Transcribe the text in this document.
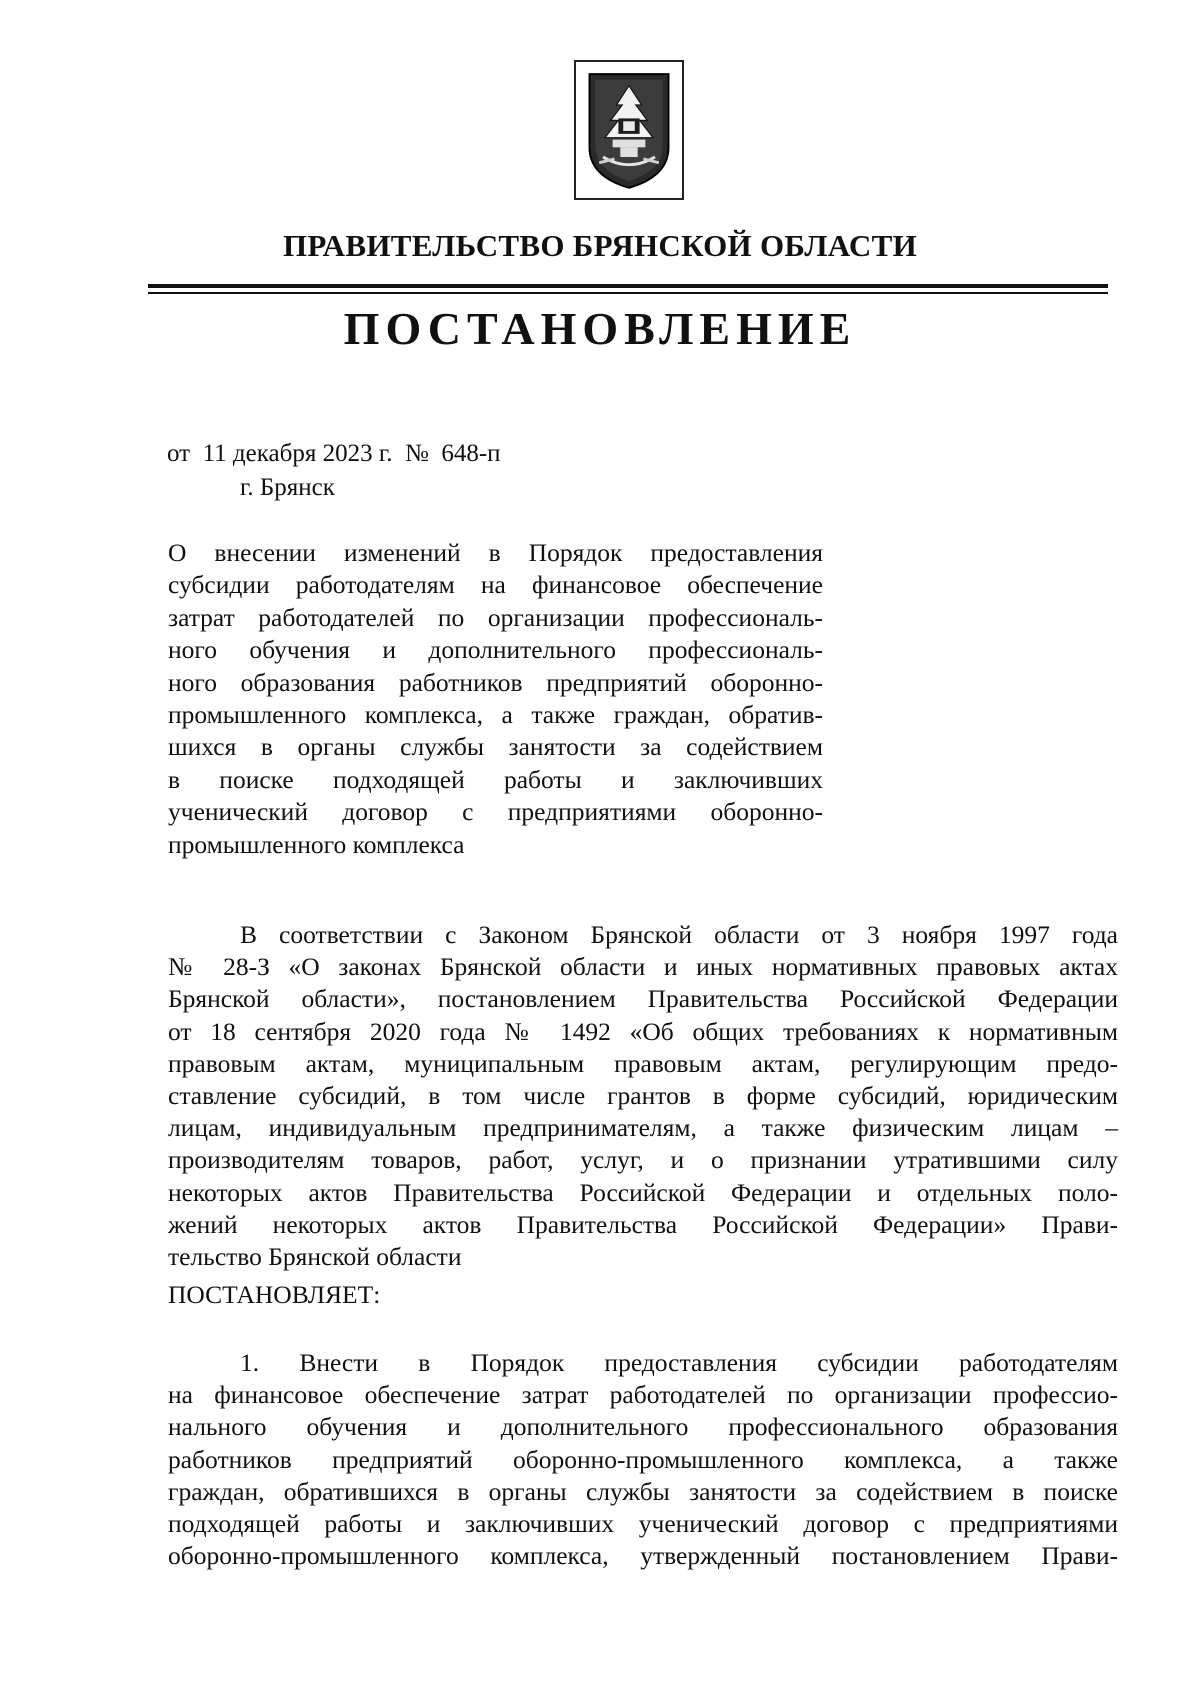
ПРАВИТЕЛЬСТВО БРЯНСКОЙ ОБЛАСТИ
ПОСТАНОВЛЕНИЕ
от  11 декабря 2023 г.  №  648-п
г. Брянск
О внесении изменений в Порядок предоставления
субсидии работодателям на финансовое обеспечение
затрат работодателей по организации профессиональ-
ного обучения и дополнительного профессиональ-
ного образования работников предприятий оборонно-
промышленного комплекса, а также граждан, обратив-
шихся в органы службы занятости за содействием
в поиске подходящей работы и заключивших
ученический договор с предприятиями оборонно-
промышленного комплекса
В соответствии с Законом Брянской области от 3 ноября 1997 года
№ 28-З «О законах Брянской области и иных нормативных правовых актах
Брянской области», постановлением Правительства Российской Федерации
от 18 сентября 2020 года № 1492 «Об общих требованиях к нормативным
правовым актам, муниципальным правовым актам, регулирующим предо-
ставление субсидий, в том числе грантов в форме субсидий, юридическим
лицам, индивидуальным предпринимателям, а также физическим лицам –
производителям товаров, работ, услуг, и о признании утратившими силу
некоторых актов Правительства Российской Федерации и отдельных поло-
жений некоторых актов Правительства Российской Федерации» Прави-
тельство Брянской области
ПОСТАНОВЛЯЕТ:
1. Внести в Порядок предоставления субсидии работодателям
на финансовое обеспечение затрат работодателей по организации профессио-
нального обучения и дополнительного профессионального образования
работников предприятий оборонно-промышленного комплекса, а также
граждан, обратившихся в органы службы занятости за содействием в поиске
подходящей работы и заключивших ученический договор с предприятиями
оборонно-промышленного комплекса, утвержденный постановлением Прави-
